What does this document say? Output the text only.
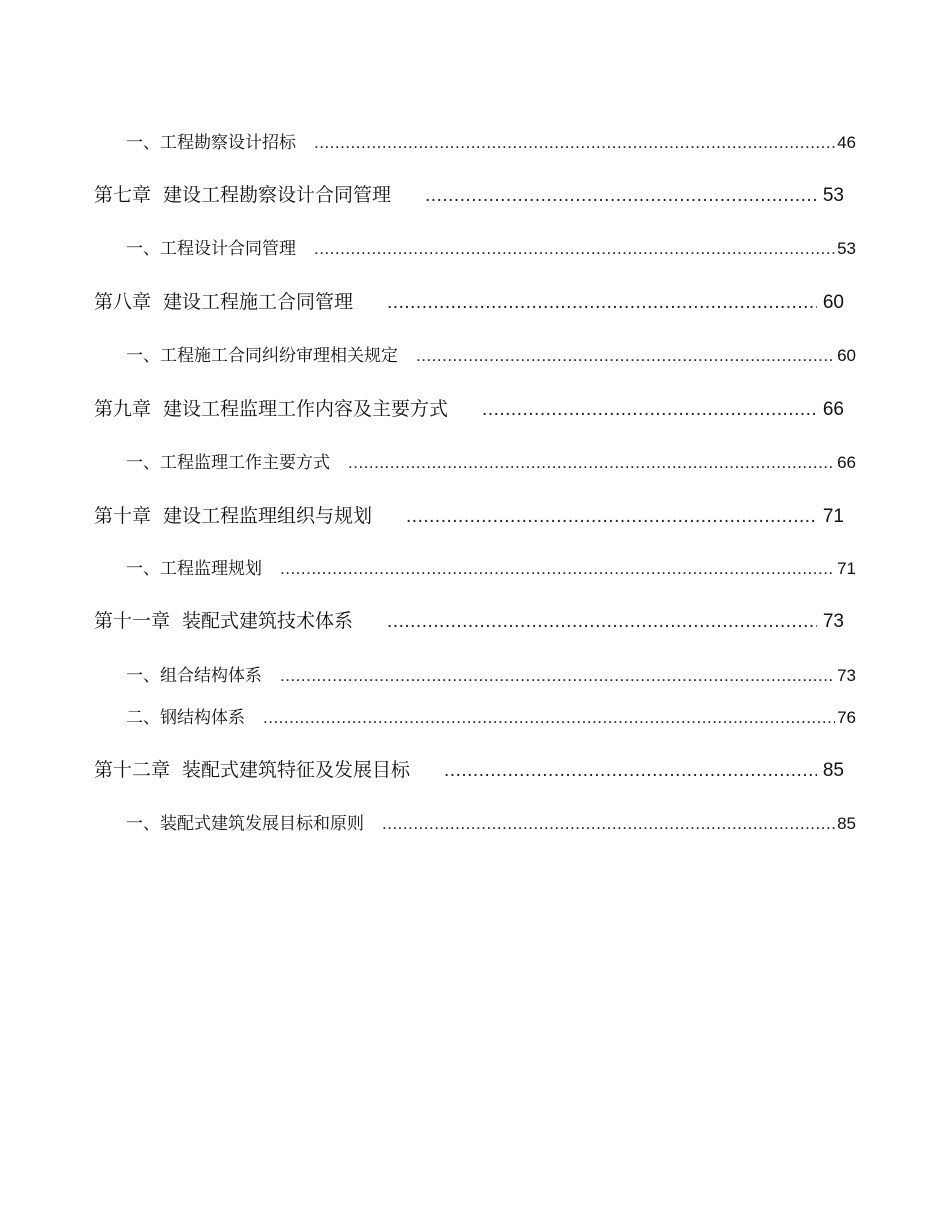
一、 工程勘察设计招标 .....	46
第七章 建设工程勘察设计合同管理 .....	53
一、 工程设计合同管理 .....	53
第八章 建设工程施工合同管理 .....	60
一、 工程施工合同纠纷审理相关规定 .....	60
第九章 建设工程监理工作内容及主要方式 .....	66
一、 工程监理工作主要方式 .....	66
第十章 建设工程监理组织与规划 .....	71
一、 工程监理规划 .....	71
第十一章 装配式建筑技术体系 .....	73
一、 组合结构体系 .....	73
二、 钢结构体系 .....	76
第十二章 装配式建筑特征及发展目标 .....	85
一、 装配式建筑发展目标和原则 .....	85
